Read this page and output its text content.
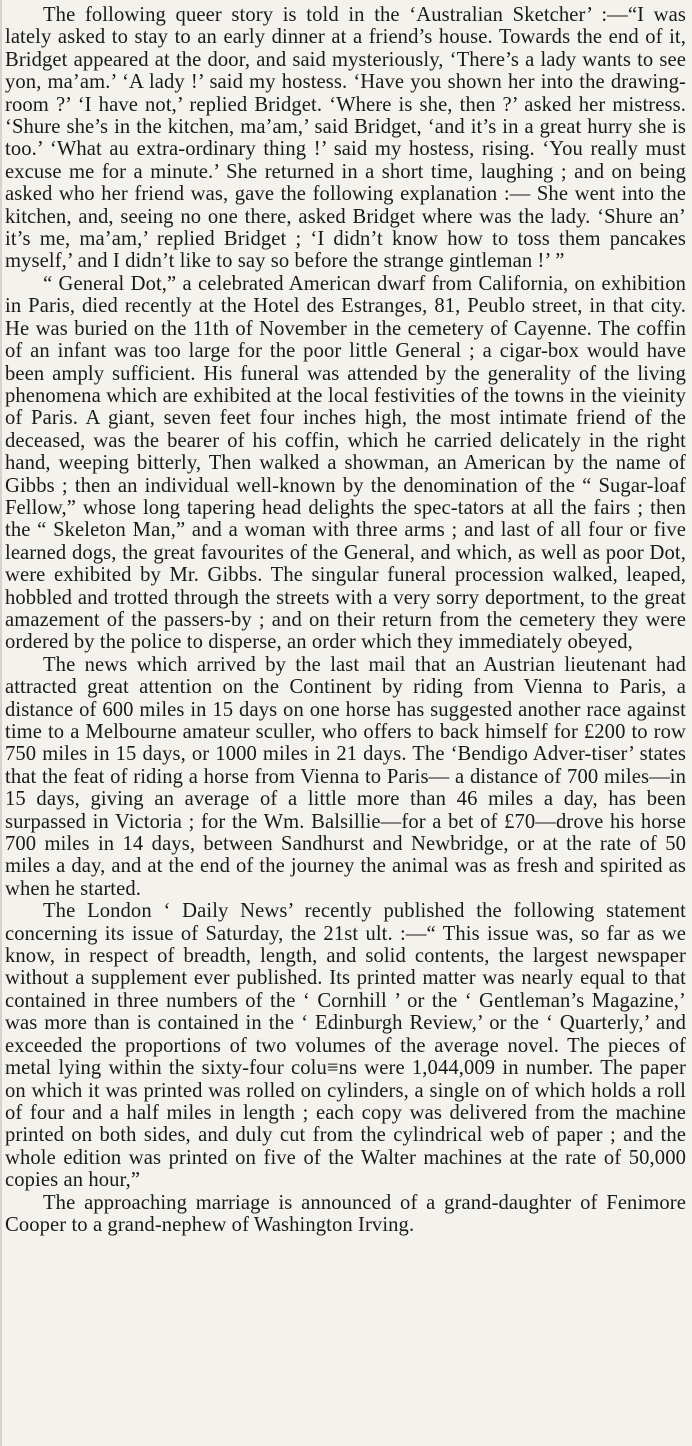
The following queer story is told in the ‘Australian Sketcher’ :—“I was lately asked to stay to an early dinner at a friend’s house. Towards the end of it, Bridget appeared at the door, and said mysteriously, ‘There’s a lady wants to see yon, ma’am.’ ‘A lady !’ said my hostess. ‘Have you shown her into the drawing-room ?’ ‘I have not,’ replied Bridget. ‘Where is she, then ?’ asked her mistress. ‘Shure she’s in the kitchen, ma’am,’ said Bridget, ‘and it’s in a great hurry she is too.’ ‘What au extra-ordinary thing !’ said my hostess, rising. ‘You really must excuse me for a minute.’ She returned in a short time, laughing ; and on being asked who her friend was, gave the following explanation :— She went into the kitchen, and, seeing no one there, asked Bridget where was the lady. ‘Shure an’ it’s me, ma’am,’ replied Bridget ; ‘I didn’t know how to toss them pancakes myself,’ and I didn’t like to say so before the strange gintleman !’ ”

“ General Dot,” a celebrated American dwarf from California, on exhibition in Paris, died recently at the Hotel des Estranges, 81, Peublo street, in that city. He was buried on the 11th of November in the cemetery of Cayenne. The coffin of an infant was too large for the poor little General ; a cigar-box would have been amply sufficient. His funeral was attended by the generality of the living phenomena which are exhibited at the local festivities of the towns in the vieinity of Paris. A giant, seven feet four inches high, the most intimate friend of the deceased, was the bearer of his coffin, which he carried delicately in the right hand, weeping bitterly, Then walked a showman, an American by the name of Gibbs ; then an individual well-known by the denomination of the “ Sugar-loaf Fellow,” whose long tapering head delights the spec-tators at all the fairs ; then the “ Skeleton Man,” and a woman with three arms ; and last of all four or five learned dogs, the great favourites of the General, and which, as well as poor Dot, were exhibited by Mr. Gibbs. The singular funeral procession walked, leaped, hobbled and trotted through the streets with a very sorry deportment, to the great amazement of the passers-by ; and on their return from the cemetery they were ordered by the police to disperse, an order which they immediately obeyed,

The news which arrived by the last mail that an Austrian lieutenant had attracted great attention on the Continent by riding from Vienna to Paris, a distance of 600 miles in 15 days on one horse has suggested another race against time to a Melbourne amateur sculler, who offers to back himself for £200 to row 750 miles in 15 days, or 1000 miles in 21 days. The ‘Bendigo Adver-tiser’ states that the feat of riding a horse from Vienna to Paris— a distance of 700 miles—in 15 days, giving an average of a little more than 46 miles a day, has been surpassed in Victoria ; for the Wm. Balsillie—for a bet of £70—drove his horse 700 miles in 14 days, between Sandhurst and Newbridge, or at the rate of 50 miles a day, and at the end of the journey the animal was as fresh and spirited as when he started.

The London ‘ Daily News’ recently published the following statement concerning its issue of Saturday, the 21st ult. :—“ This issue was, so far as we know, in respect of breadth, length, and solid contents, the largest newspaper without a supplement ever published. Its printed matter was nearly equal to that contained in three numbers of the ‘ Cornhill ’ or the ‘ Gentleman’s Magazine,’ was more than is contained in the ‘ Edinburgh Review,’ or the ‘ Quarterly,’ and exceeded the proportions of two volumes of the average novel. The pieces of metal lying within the sixty-four colu≡ns were 1,044,009 in number. The paper on which it was printed was rolled on cylinders, a single on of which holds a roll of four and a half miles in length ; each copy was delivered from the machine printed on both sides, and duly cut from the cylindrical web of paper ; and the whole edition was printed on five of the Walter machines at the rate of 50,000 copies an hour,”

The approaching marriage is announced of a grand-daughter of Fenimore Cooper to a grand-nephew of Washington Irving.
